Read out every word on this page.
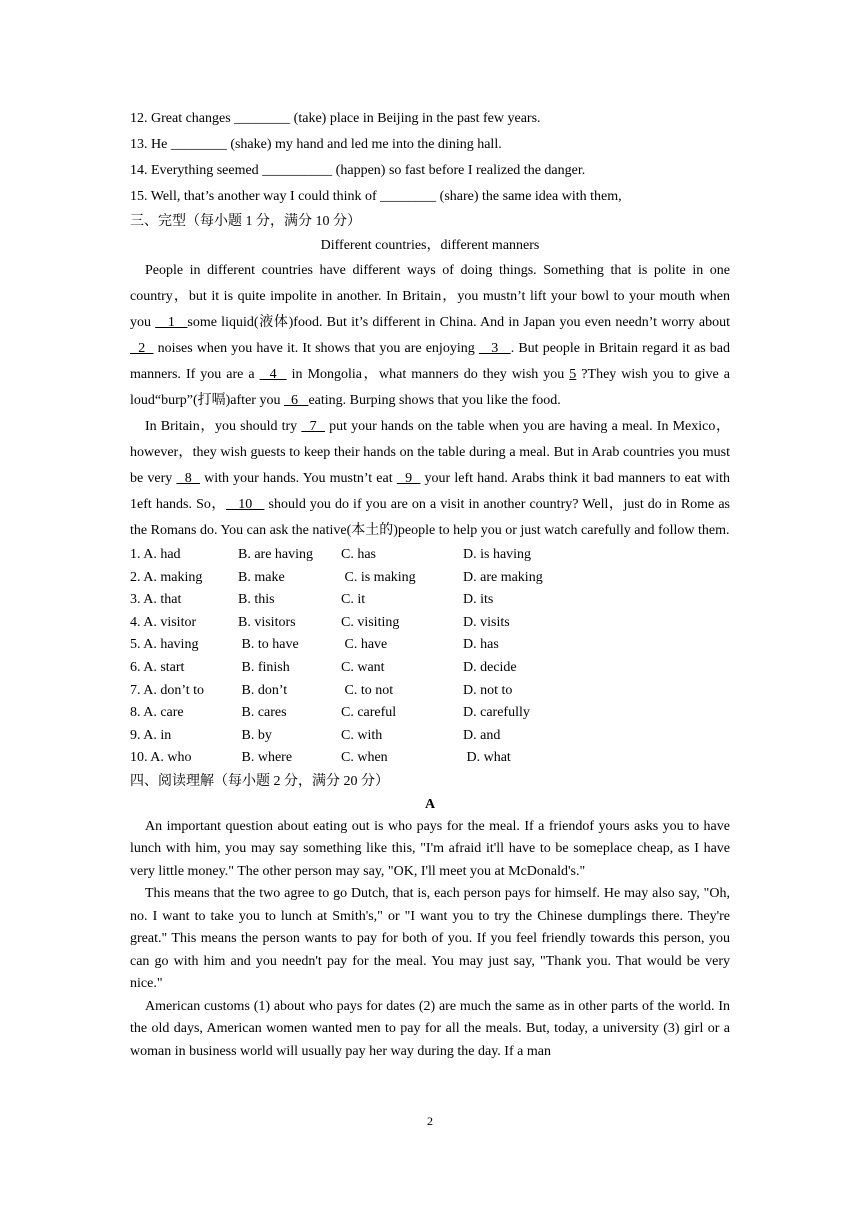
12. Great changes ________ (take) place in Beijing in the past few years.
13. He ________ (shake) my hand and led me into the dining hall.
14. Everything seemed __________ (happen) so fast before I realized the danger.
15. Well, that’s another way I could think of ________ (share) the same idea with them,
三、完型（每小题 1 分，满分 10 分）
Different countries，different manners

People in different countries have different ways of doing things. Something that is polite in one country，but it is quite impolite in another. In Britain，you mustn’t lift your bowl to your mouth when you    1   some liquid(液体)food. But it’s different in China. And in Japan you even needn’t worry about   2   noises when you have it. It shows that you are enjoying    3   . But people in Britain regard it as bad manners. If you are a   4   in Mongolia，what manners do they wish you 5 ?They wish you to give a loud“burp”(打嗝)after you   6   eating. Burping shows that you like the food.

In Britain，you should try   7   put your hands on the table when you are having a meal. In Mexico，however，they wish guests to keep their hands on the table during a meal. But in Arab countries you must be very   8   with your hands. You mustn’t eat   9   your left hand. Arabs think it bad manners to eat with 1eft hands. So，   10    should you do if you are on a visit in another country? Well，just do in Rome as the Romans do. You can ask the native(本土的)people to help you or just watch carefully and follow them.

1. A. had	B. are having	C. has	D. is having
2. A. making	B. make	C. is making	D. are making
3. A. that	B. this	C. it	D. its
4. A. visitor	B. visitors	C. visiting	D. visits
5. A. having	B. to have	C. have	D. has
6. A. start	B. finish	C. want	D. decide
7. A. don’t to	B. don’t	C. to not	D. not to
8. A. care	B. cares	C. careful	D. carefully
9. A. in	B. by	C. with	D. and
10. A. who	B. where	C. when	D. what
四、阅读理解（每小题 2 分，满分 20 分）
A

An important question about eating out is who pays for the meal. If a friendof yours asks you to have lunch with him, you may say something like this, "I'm afraid it'll have to be someplace cheap, as I have very little money." The other person may say, "OK, I'll meet you at McDonald's."

This means that the two agree to go Dutch, that is, each person pays for himself. He may also say, "Oh, no. I want to take you to lunch at Smith's," or "I want you to try the Chinese dumplings there. They're great." This means the person wants to pay for both of you. If you feel friendly towards this person, you can go with him and you needn't pay for the meal. You may just say, "Thank you. That would be very nice."

American customs (1) about who pays for dates (2) are much the same as in other parts of the world. In the old days, American women wanted men to pay for all the meals. But, today, a university (3) girl or a woman in business world will usually pay her way during the day. If a man

2
